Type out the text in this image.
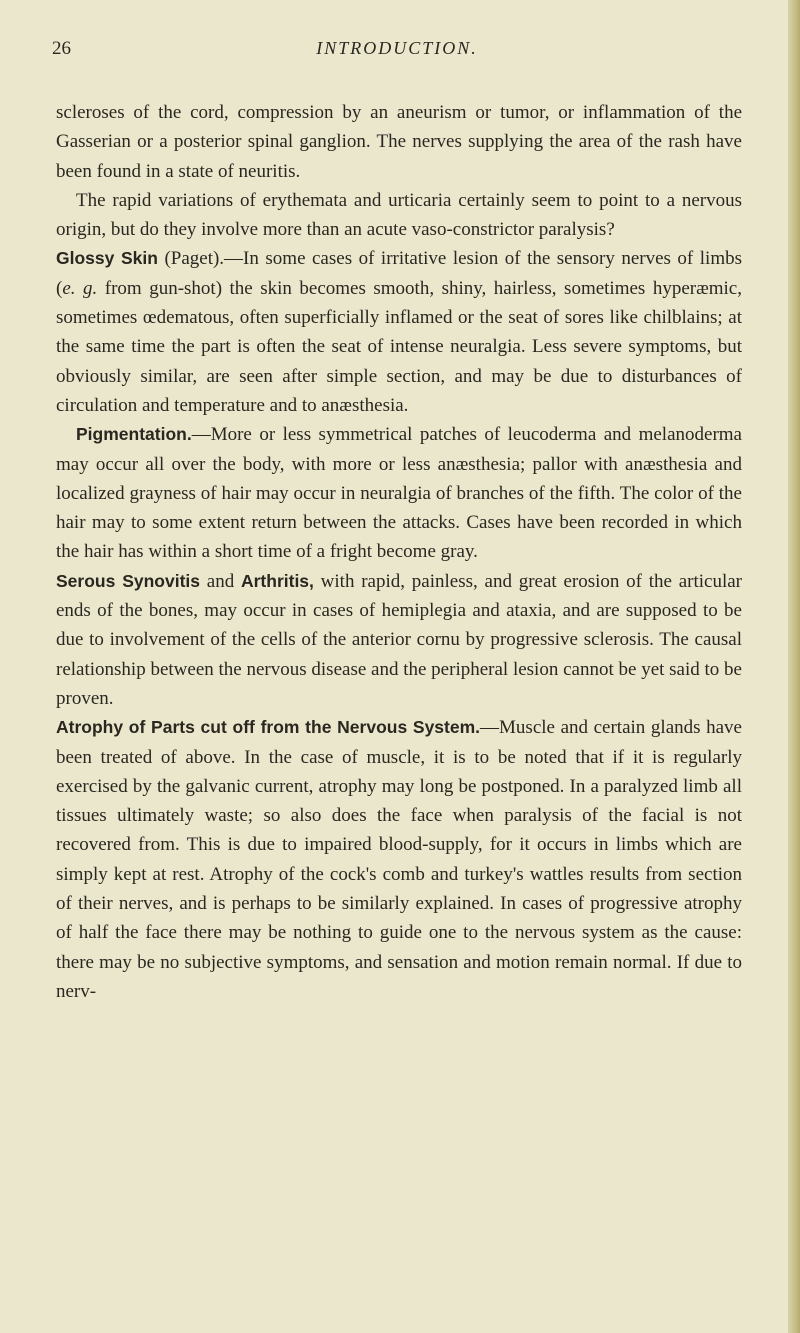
26	INTRODUCTION.

scleroses of the cord, compression by an aneurism or tumor, or inflammation of the Gasserian or a posterior spinal ganglion. The nerves supplying the area of the rash have been found in a state of neuritis.

The rapid variations of erythemata and urticaria certainly seem to point to a nervous origin, but do they involve more than an acute vaso-constrictor paralysis?

Glossy Skin (Paget).—In some cases of irritative lesion of the sensory nerves of limbs (e. g. from gun-shot) the skin becomes smooth, shiny, hairless, sometimes hyperæmic, sometimes œdematous, often superficially inflamed or the seat of sores like chilblains; at the same time the part is often the seat of intense neuralgia. Less severe symptoms, but obviously similar, are seen after simple section, and may be due to disturbances of circulation and temperature and to anæsthesia.

Pigmentation.—More or less symmetrical patches of leucoderma and melanoderma may occur all over the body, with more or less anæsthesia; pallor with anæsthesia and localized grayness of hair may occur in neuralgia of branches of the fifth. The color of the hair may to some extent return between the attacks. Cases have been recorded in which the hair has within a short time of a fright become gray.

Serous Synovitis and Arthritis, with rapid, painless, and great erosion of the articular ends of the bones, may occur in cases of hemiplegia and ataxia, and are supposed to be due to involvement of the cells of the anterior cornu by progressive sclerosis. The causal relationship between the nervous disease and the peripheral lesion cannot be yet said to be proven.

Atrophy of Parts cut off from the Nervous System.—Muscle and certain glands have been treated of above. In the case of muscle, it is to be noted that if it is regularly exercised by the galvanic current, atrophy may long be postponed. In a paralyzed limb all tissues ultimately waste; so also does the face when paralysis of the facial is not recovered from. This is due to impaired blood-supply, for it occurs in limbs which are simply kept at rest. Atrophy of the cock's comb and turkey's wattles results from section of their nerves, and is perhaps to be similarly explained. In cases of progressive atrophy of half the face there may be nothing to guide one to the nervous system as the cause: there may be no subjective symptoms, and sensation and motion remain normal. If due to nerv-
